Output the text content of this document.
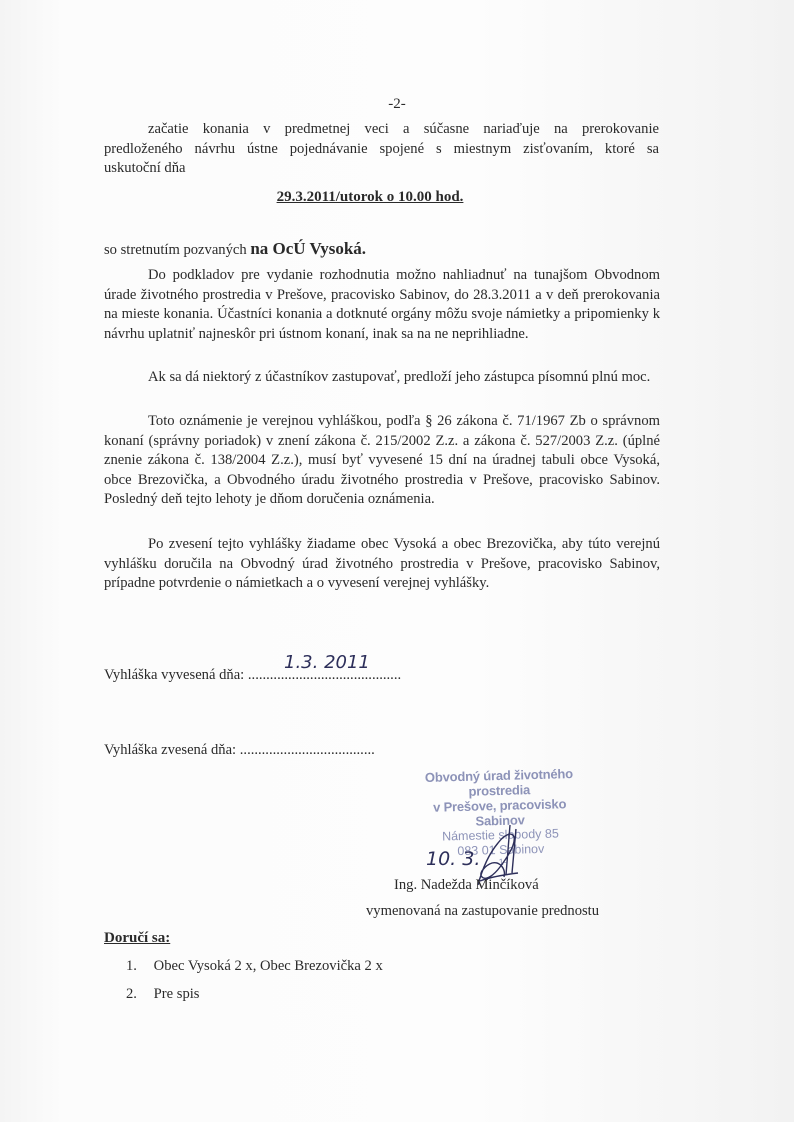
-2-

začatie konania v predmetnej veci a súčasne nariaďuje na prerokovanie
predloženého návrhu ústne pojednávanie spojené s miestnym zisťovaním, ktoré sa
uskutoční dňa

29.3.2011/utorok o 10.00 hod.
so stretnutím pozvaných na OcÚ Vysoká.

Do podkladov pre vydanie rozhodnutia možno nahliadnuť na tunajšom Obvodnom úrade životného prostredia v Prešove, pracovisko Sabinov, do 28.3.2011 a v deň prerokovania na mieste konania. Účastníci konania a dotknuté orgány môžu svoje námietky a pripomienky k návrhu uplatniť najneskôr pri ústnom konaní, inak sa na ne neprihliadne.

Ak sa dá niektorý z účastníkov zastupovať, predloží jeho zástupca písomnú plnú moc.

Toto oznámenie je verejnou vyhláškou, podľa § 26 zákona č. 71/1967 Zb o správnom konaní (správny poriadok) v znení zákona č. 215/2002 Z.z. a zákona č. 527/2003 Z.z. (úplné znenie zákona č. 138/2004 Z.z.), musí byť vyvesené 15 dní na úradnej tabuli obce Vysoká, obce Brezovička, a Obvodného úradu životného prostredia v Prešove, pracovisko Sabinov. Posledný deň tejto lehoty je dňom doručenia oznámenia.

Po zvesení tejto vyhlášky žiadame obec Vysoká a obec Brezovička, aby túto verejnú vyhlášku doručila na Obvodný úrad životného prostredia v Prešove, pracovisko Sabinov, prípadne potvrdenie o námietkach a o vyvesení verejnej vyhlášky.

Vyhláška vyvesená dňa: ..........................................
1.3. 2011
Vyhláška zvesená dňa: .....................................
Obvodný úrad životného prostredia
v Prešove, pracovisko Sabinov
Námestie slobody 85
083 01 Sabinov
-1-
10. 3.
Ing. Nadežda Minčíková
vymenovaná na zastupovanie prednostu
Doručí sa:
1. Obec Vysoká 2 x, Obec Brezovička 2 x
2. Pre spis
